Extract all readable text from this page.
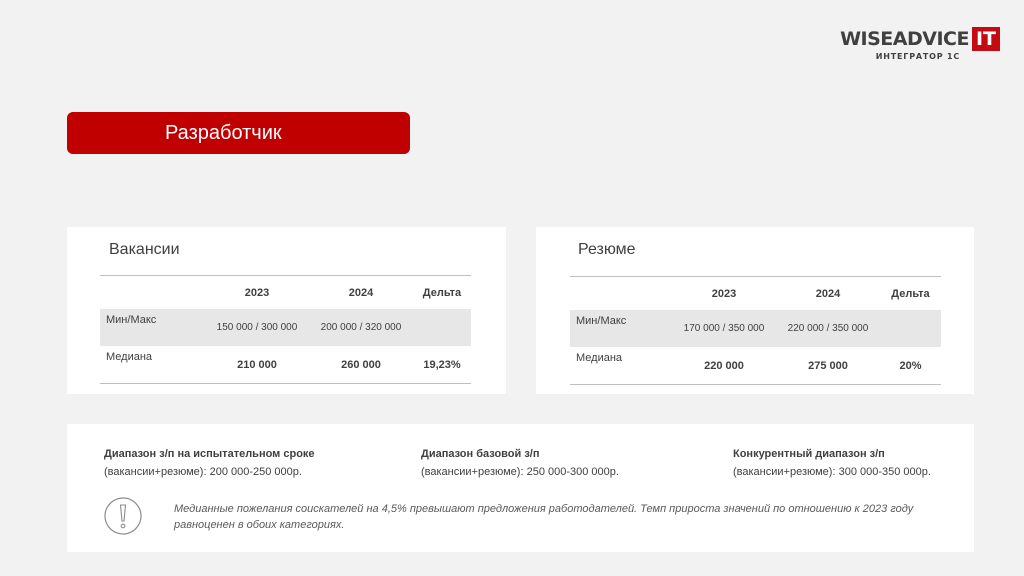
WISEADVICE IT
ИНТЕГРАТОР 1С
Разработчик
Вакансии
	2023	2024	Дельта
Мин/Макс	150 000 / 300 000	200 000 / 320 000	
Медиана	210 000	260 000	19,23%
Резюме
	2023	2024	Дельта
Мин/Макс	170 000 / 350 000	220 000 / 350 000	
Медиана	220 000	275 000	20%
Диапазон з/п на испытательном сроке
(вакансии+резюме): 200 000-250 000р.
Диапазон базовой з/п
(вакансии+резюме): 250 000-300 000р.
Конкурентный диапазон з/п
(вакансии+резюме): 300 000-350 000р.
Медианные пожелания соискателей на 4,5% превышают предложения работодателей. Темп прироста значений по отношению к 2023 году равноценен в обоих категориях.
